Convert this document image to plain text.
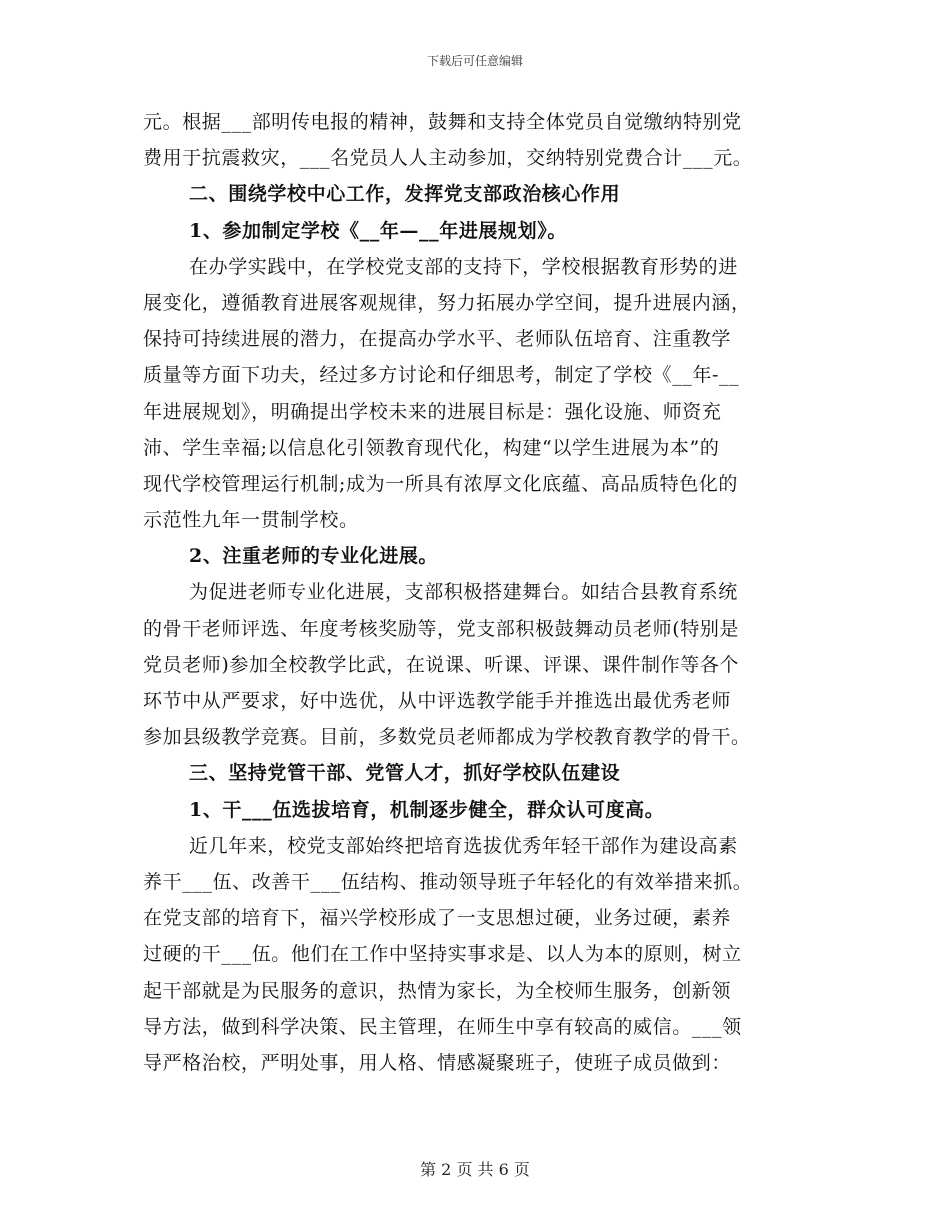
下载后可任意编辑
元。根据___部明传电报的精神，鼓舞和支持全体党员自觉缴纳特别党
费用于抗震救灾，___名党员人人主动参加，交纳特别党费合计___元。
二、围绕学校中心工作，发挥党支部政治核心作用
1、参加制定学校《__年—__年进展规划》。
在办学实践中，在学校党支部的支持下，学校根据教育形势的进
展变化，遵循教育进展客观规律，努力拓展办学空间，提升进展内涵，
保持可持续进展的潜力，在提高办学水平、老师队伍培育、注重教学
质量等方面下功夫，经过多方讨论和仔细思考，制定了学校《__年-__
年进展规划》，明确提出学校未来的进展目标是：强化设施、师资充
沛、学生幸福;以信息化引领教育现代化，构建“以学生进展为本”的
现代学校管理运行机制;成为一所具有浓厚文化底蕴、高品质特色化的
示范性九年一贯制学校。
2、注重老师的专业化进展。
为促进老师专业化进展，支部积极搭建舞台。如结合县教育系统
的骨干老师评选、年度考核奖励等，党支部积极鼓舞动员老师(特别是
党员老师)参加全校教学比武，在说课、听课、评课、课件制作等各个
环节中从严要求，好中选优，从中评选教学能手并推选出最优秀老师
参加县级教学竞赛。目前，多数党员老师都成为学校教育教学的骨干。
三、坚持党管干部、党管人才，抓好学校队伍建设
1、干___伍选拔培育，机制逐步健全，群众认可度高。
近几年来，校党支部始终把培育选拔优秀年轻干部作为建设高素
养干___伍、改善干___伍结构、推动领导班子年轻化的有效举措来抓。
在党支部的培育下，福兴学校形成了一支思想过硬，业务过硬，素养
过硬的干___伍。他们在工作中坚持实事求是、以人为本的原则，树立
起干部就是为民服务的意识，热情为家长，为全校师生服务，创新领
导方法，做到科学决策、民主管理，在师生中享有较高的威信。___领
导严格治校，严明处事，用人格、情感凝聚班子，使班子成员做到：
第 2 页 共 6 页
